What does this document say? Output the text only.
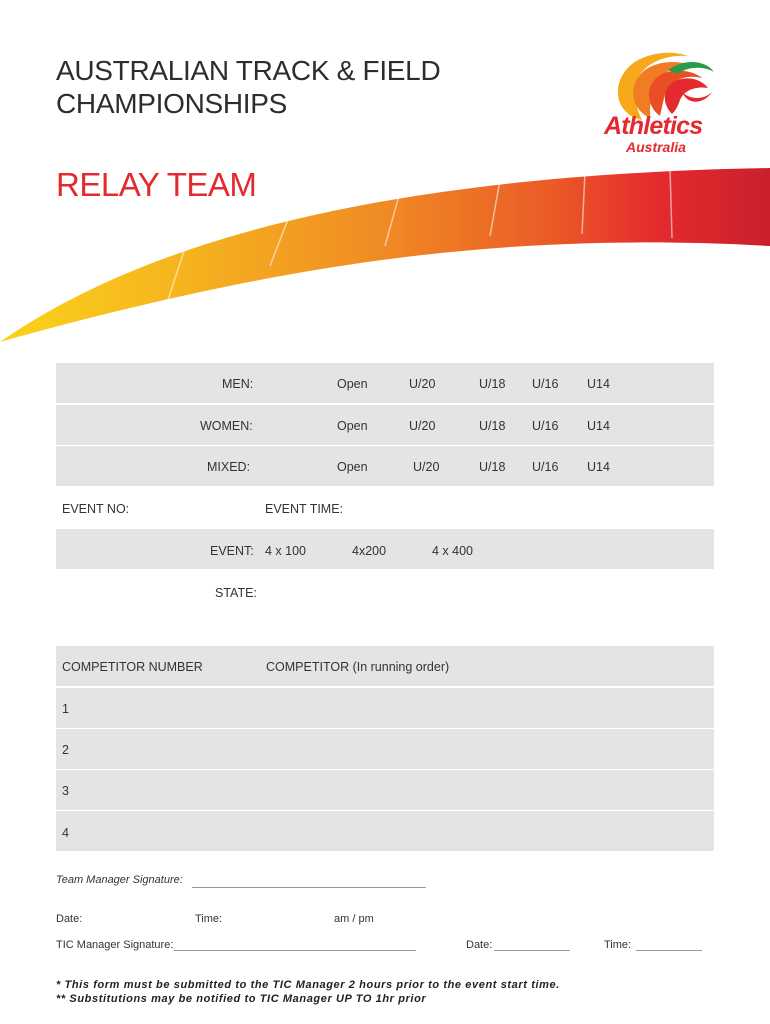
AUSTRALIAN TRACK & FIELD
CHAMPIONSHIPS
RELAY TEAM
Athletics
Australia
MEN:	Open	U/20	U/18 U/16 U14
WOMEN:	Open	U/20	U/18 U/16 U14
MIXED:	Open	U/20	U/18 U/16 U14
EVENT NO:	EVENT TIME:
EVENT: 4 x 100	4x200	4 x 400
STATE:
COMPETITOR NUMBER	COMPETITOR (In running order)
1
2
3
4
Team Manager Signature:
Date:	Time:	am / pm
TIC Manager Signature:	Date:	Time:
* This form must be submitted to the TIC Manager 2 hours prior to the event start time.
** Substitutions may be notified to TIC Manager UP TO 1hr prior
